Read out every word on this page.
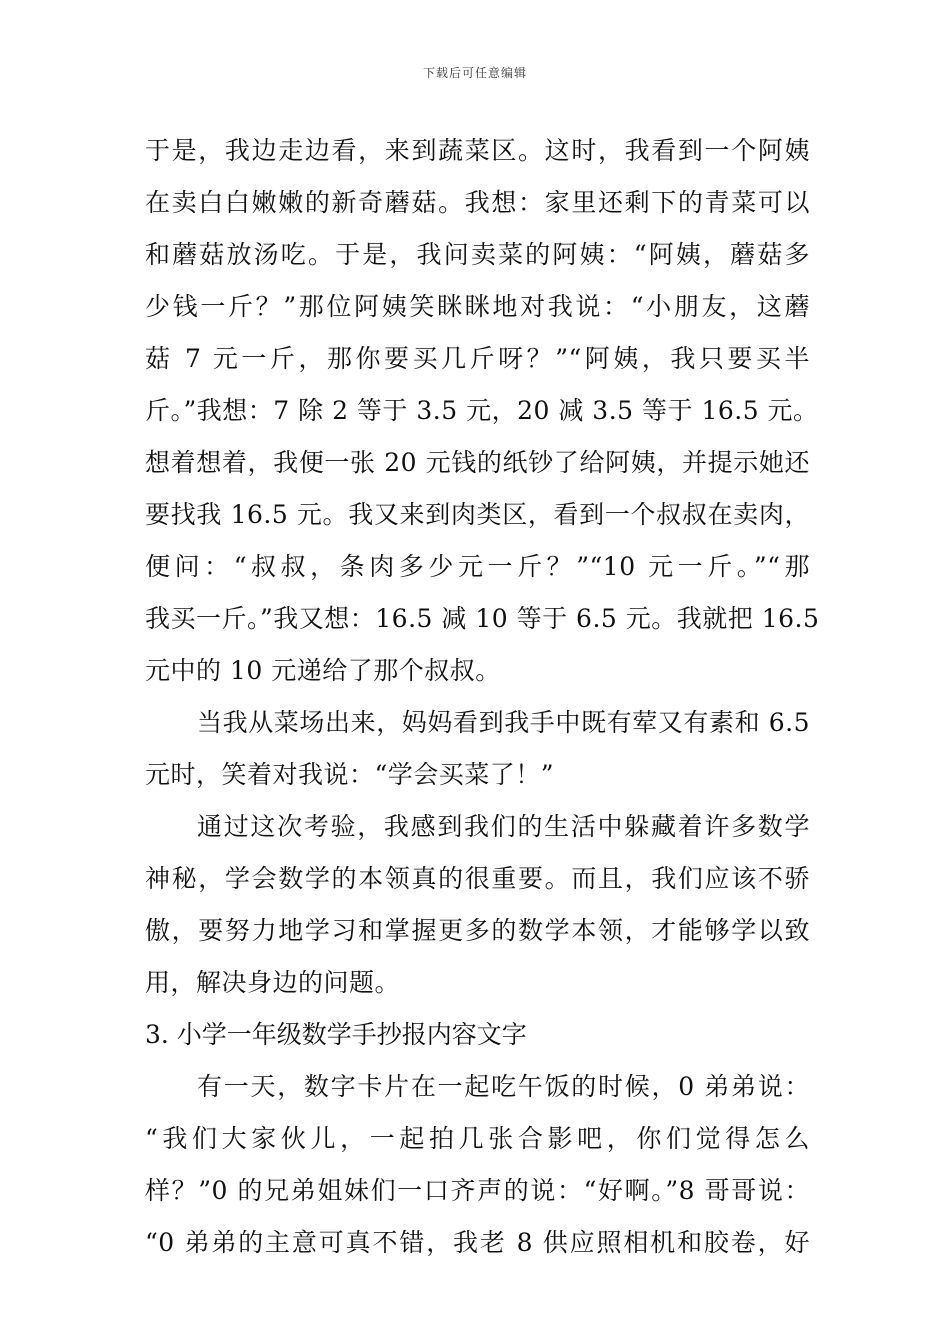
下载后可任意编辑
于是，我边走边看，来到蔬菜区。这时，我看到一个阿姨
在卖白白嫩嫩的新奇蘑菇。我想：家里还剩下的青菜可以
和蘑菇放汤吃。于是，我问卖菜的阿姨：“阿姨，蘑菇多
少钱一斤？”那位阿姨笑眯眯地对我说：“小朋友，这蘑
菇 7 元一斤，那你要买几斤呀？”“阿姨，我只要买半
斤。”我想：7 除 2 等于 3.5 元，20 减 3.5 等于 16.5 元。
想着想着，我便一张 20 元钱的纸钞了给阿姨，并提示她还
要找我 16.5 元。我又来到肉类区，看到一个叔叔在卖肉，
便问：“叔叔，条肉多少元一斤？”“10 元一斤。”“那
我买一斤。”我又想：16.5 减 10 等于 6.5 元。我就把 16.5
元中的 10 元递给了那个叔叔。
当我从菜场出来，妈妈看到我手中既有荤又有素和 6.5
元时，笑着对我说：“学会买菜了！”
通过这次考验，我感到我们的生活中躲藏着许多数学
神秘，学会数学的本领真的很重要。而且，我们应该不骄
傲，要努力地学习和掌握更多的数学本领，才能够学以致
用，解决身边的问题。
3. 小学一年级数学手抄报内容文字
有一天，数字卡片在一起吃午饭的时候，0 弟弟说：
“我们大家伙儿，一起拍几张合影吧，你们觉得怎么
样？”0 的兄弟姐妹们一口齐声的说：“好啊。”8 哥哥说：
“0 弟弟的主意可真不错，我老 8 供应照相机和胶卷，好
